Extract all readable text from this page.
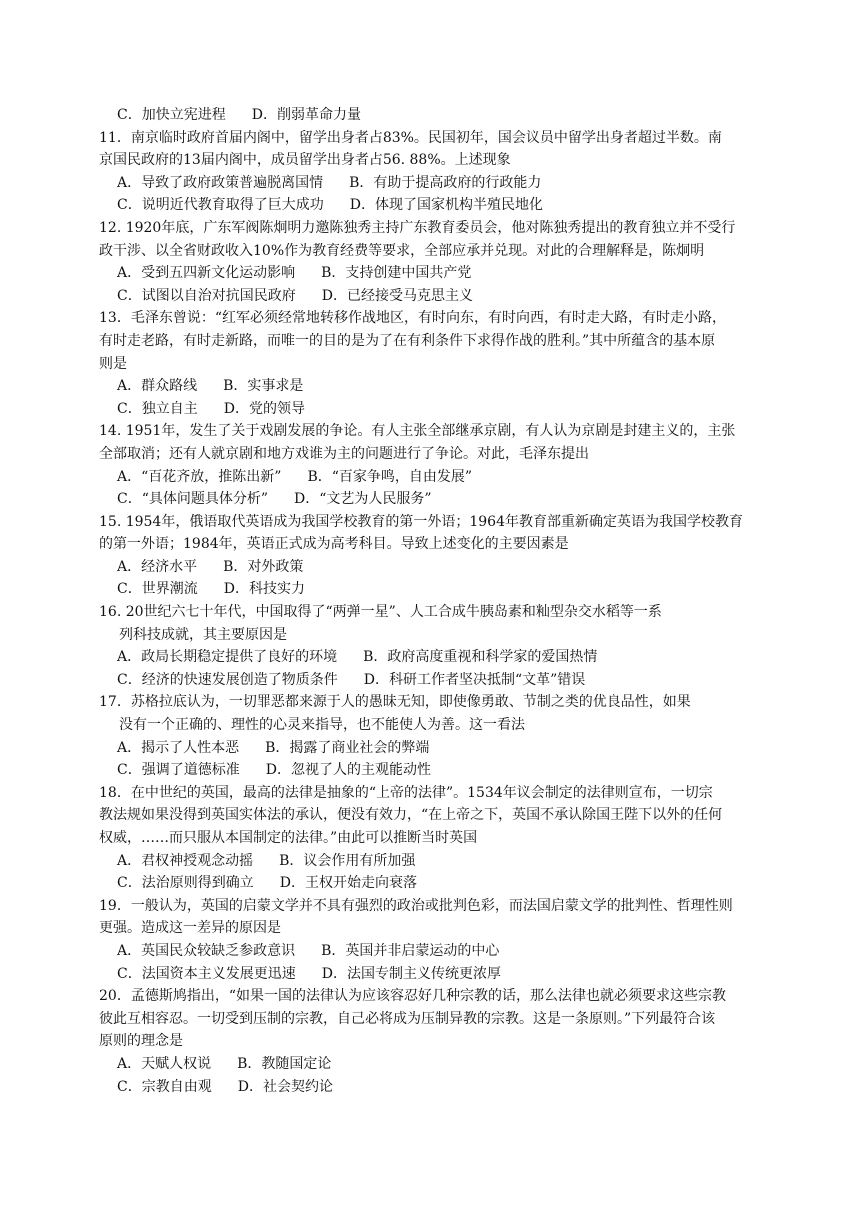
C．加快立宪进程 D．削弱革命力量
11．南京临时政府首届内阁中，留学出身者占83%。民国初年，国会议员中留学出身者超过半数。南
京国民政府的13届内阁中，成员留学出身者占56. 88%。上述现象
A．导致了政府政策普遍脱离国情 B．有助于提高政府的行政能力
C．说明近代教育取得了巨大成功 D．体现了国家机构半殖民地化
12. 1920年底，广东军阀陈炯明力邀陈独秀主持广东教育委员会，他对陈独秀提出的教育独立并不受行
政干涉、以全省财政收入10%作为教育经费等要求，全部应承并兑现。对此的合理解释是，陈炯明
A．受到五四新文化运动影响 B．支持创建中国共产党
C．试图以自治对抗国民政府 D．已经接受马克思主义
13．毛泽东曾说：“红军必须经常地转移作战地区，有时向东，有时向西，有时走大路，有时走小路，
有时走老路，有时走新路，而唯一的目的是为了在有利条件下求得作战的胜利。”其中所蕴含的基本原
则是
A．群众路线 B．实事求是
C．独立自主 D．党的领导
14. 1951年，发生了关于戏剧发展的争论。有人主张全部继承京剧，有人认为京剧是封建主义的，主张
全部取消；还有人就京剧和地方戏谁为主的问题进行了争论。对此，毛泽东提出
A．“百花齐放，推陈出新” B．“百家争鸣，自由发展”
C．“具体问题具体分析” D．“文艺为人民服务”
15. 1954年，俄语取代英语成为我国学校教育的第一外语；1964年教育部重新确定英语为我国学校教育
的第一外语；1984年，英语正式成为高考科目。导致上述变化的主要因素是
A．经济水平 B．对外政策
C．世界潮流 D．科技实力
16. 20世纪六七十年代，中国取得了“两弹一星”、人工合成牛胰岛素和籼型杂交水稻等一系
列科技成就，其主要原因是
A．政局长期稳定提供了良好的环境 B．政府高度重视和科学家的爱国热情
C．经济的快速发展创造了物质条件 D．科研工作者坚决抵制“文革”错误
17．苏格拉底认为，一切罪恶都来源于人的愚昧无知，即使像勇敢、节制之类的优良品性，如果
没有一个正确的、理性的心灵来指导，也不能使人为善。这一看法
A．揭示了人性本恶 B．揭露了商业社会的弊端
C．强调了道德标准 D．忽视了人的主观能动性
18．在中世纪的英国，最高的法律是抽象的“上帝的法律”。1534年议会制定的法律则宣布，一切宗
教法规如果没得到英国实体法的承认，便没有效力，“在上帝之下，英国不承认除国王陛下以外的任何
权威，……而只服从本国制定的法律。”由此可以推断当时英国
A．君权神授观念动摇 B．议会作用有所加强
C．法治原则得到确立 D．王权开始走向衰落
19．一般认为，英国的启蒙文学并不具有强烈的政治或批判色彩，而法国启蒙文学的批判性、哲理性则
更强。造成这一差异的原因是
A．英国民众较缺乏参政意识 B．英国并非启蒙运动的中心
C．法国资本主义发展更迅速 D．法国专制主义传统更浓厚
20．孟德斯鸠指出，“如果一国的法律认为应该容忍好几种宗教的话，那么法律也就必须要求这些宗教
彼此互相容忍。一切受到压制的宗教，自己必将成为压制异教的宗教。这是一条原则。”下列最符合该
原则的理念是
A．天赋人权说 B．教随国定论
C．宗教自由观 D．社会契约论
